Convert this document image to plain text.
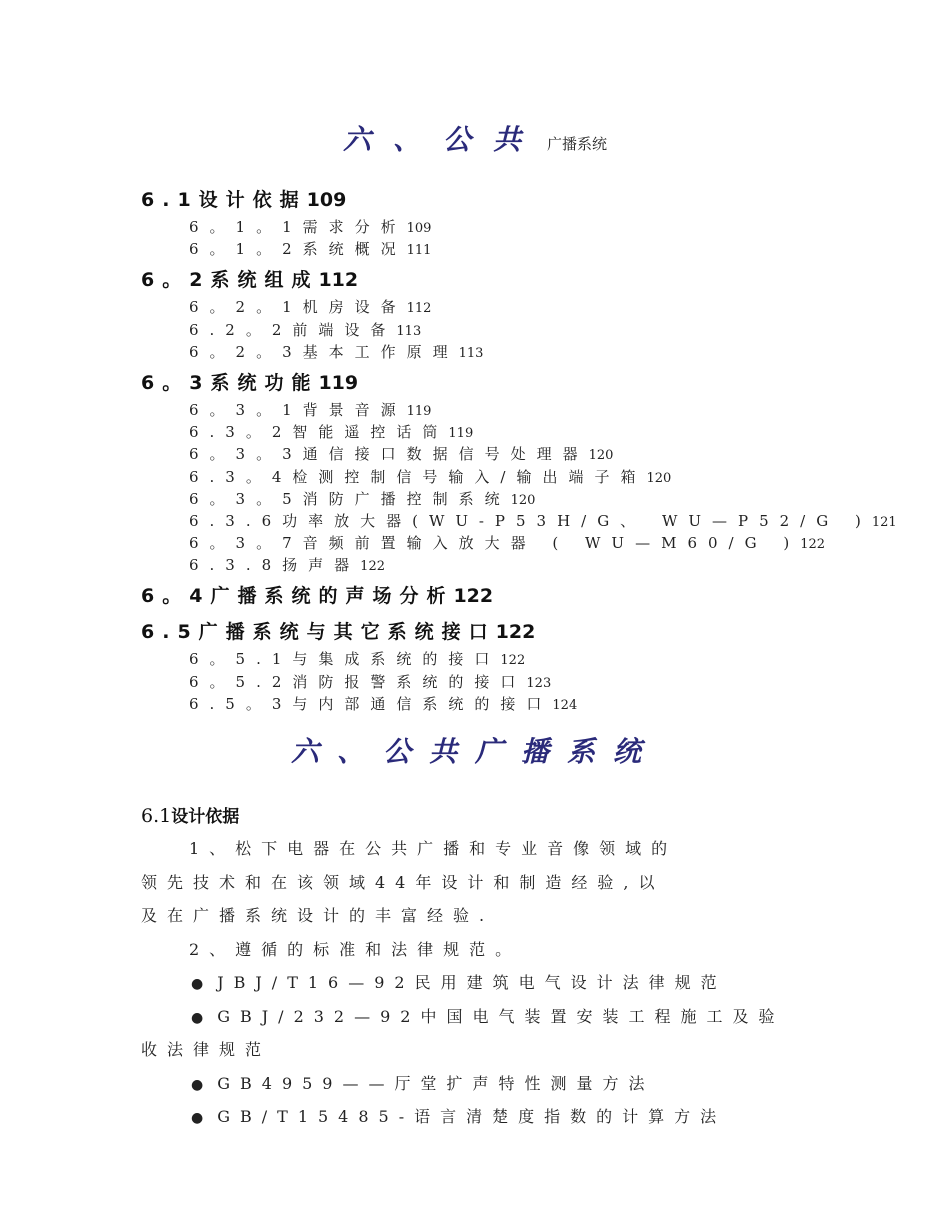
六、公共 广播系统
6.1设计依据109
6。1。1需求分析109
6。1。2系统概况111
6。2系统组成112
6。2。1机房设备112
6.2。2前端设备113
6。2。3基本工作原理113
6。3系统功能119
6。3。1背景音源119
6.3。2智能遥控话筒119
6。3。3通信接口数据信号处理器120
6.3。4检测控制信号输入/输出端子箱120
6。3。5消防广播控制系统120
6.3.6功率放大器(WU-P53H/G、 WU—P52/G )121
6。3。7音频前置输入放大器 ( WU—M60/G )122
6.3.8扬声器122
6。4广播系统的声场分析122
6.5广播系统与其它系统接口122
6。5.1与集成系统的接口122
6。5.2消防报警系统的接口123
6.5。3与内部通信系统的接口124
六、公共广播系统
6.1设计依据
1、松下电器在公共广播和专业音像领域的
领先技术和在该领域44年设计和制造经验,以
及在广播系统设计的丰富经验.
2、遵循的标准和法律规范。
● JBJ/T16—92民用建筑电气设计法律规范
● GBJ/232—92中国电气装置安装工程施工及验
收法律规范
● GB4959——厅堂扩声特性测量方法
● GB/T15485-语言清楚度指数的计算方法
